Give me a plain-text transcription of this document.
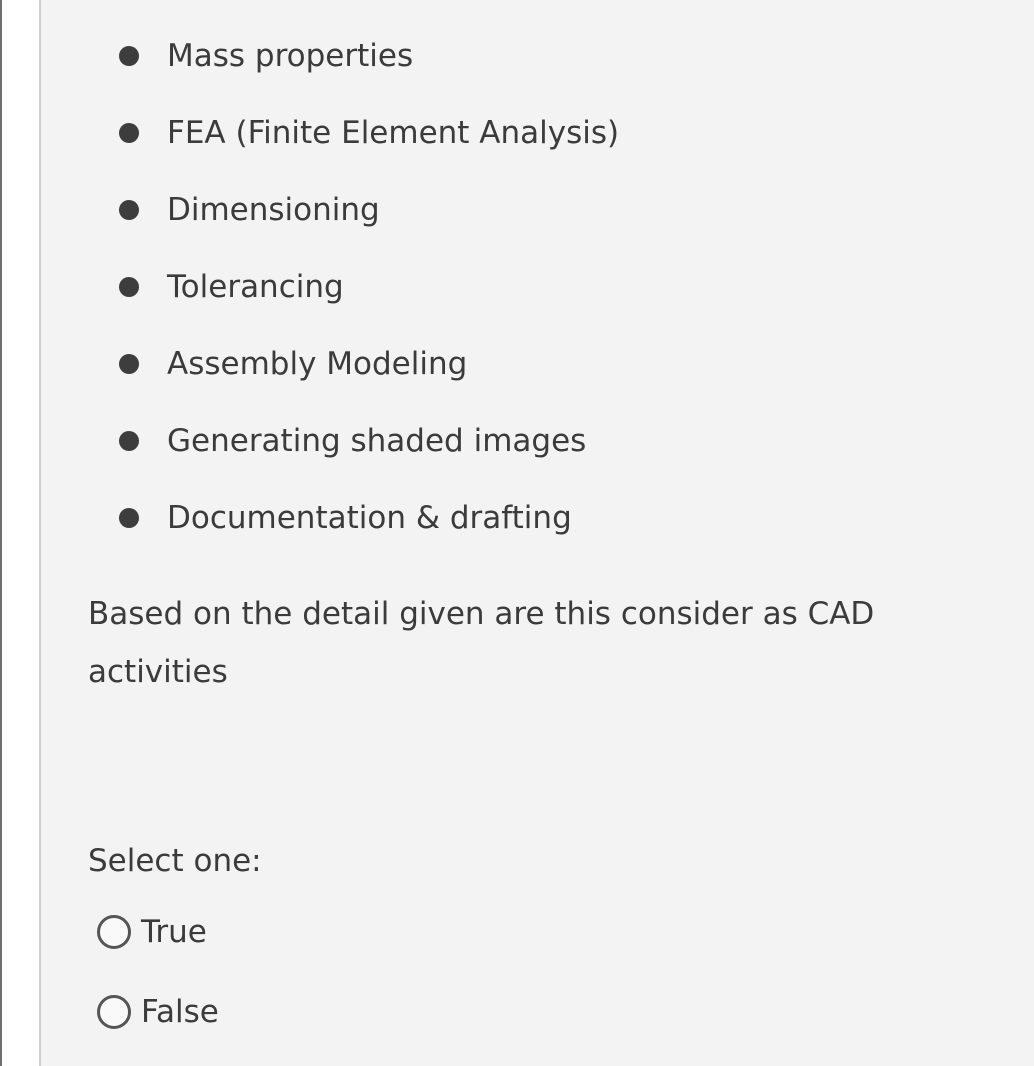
Mass properties
FEA (Finite Element Analysis)
Dimensioning
Tolerancing
Assembly Modeling
Generating shaded images
Documentation & drafting
Based on the detail given are this consider as CAD activities
Select one:
True
False
